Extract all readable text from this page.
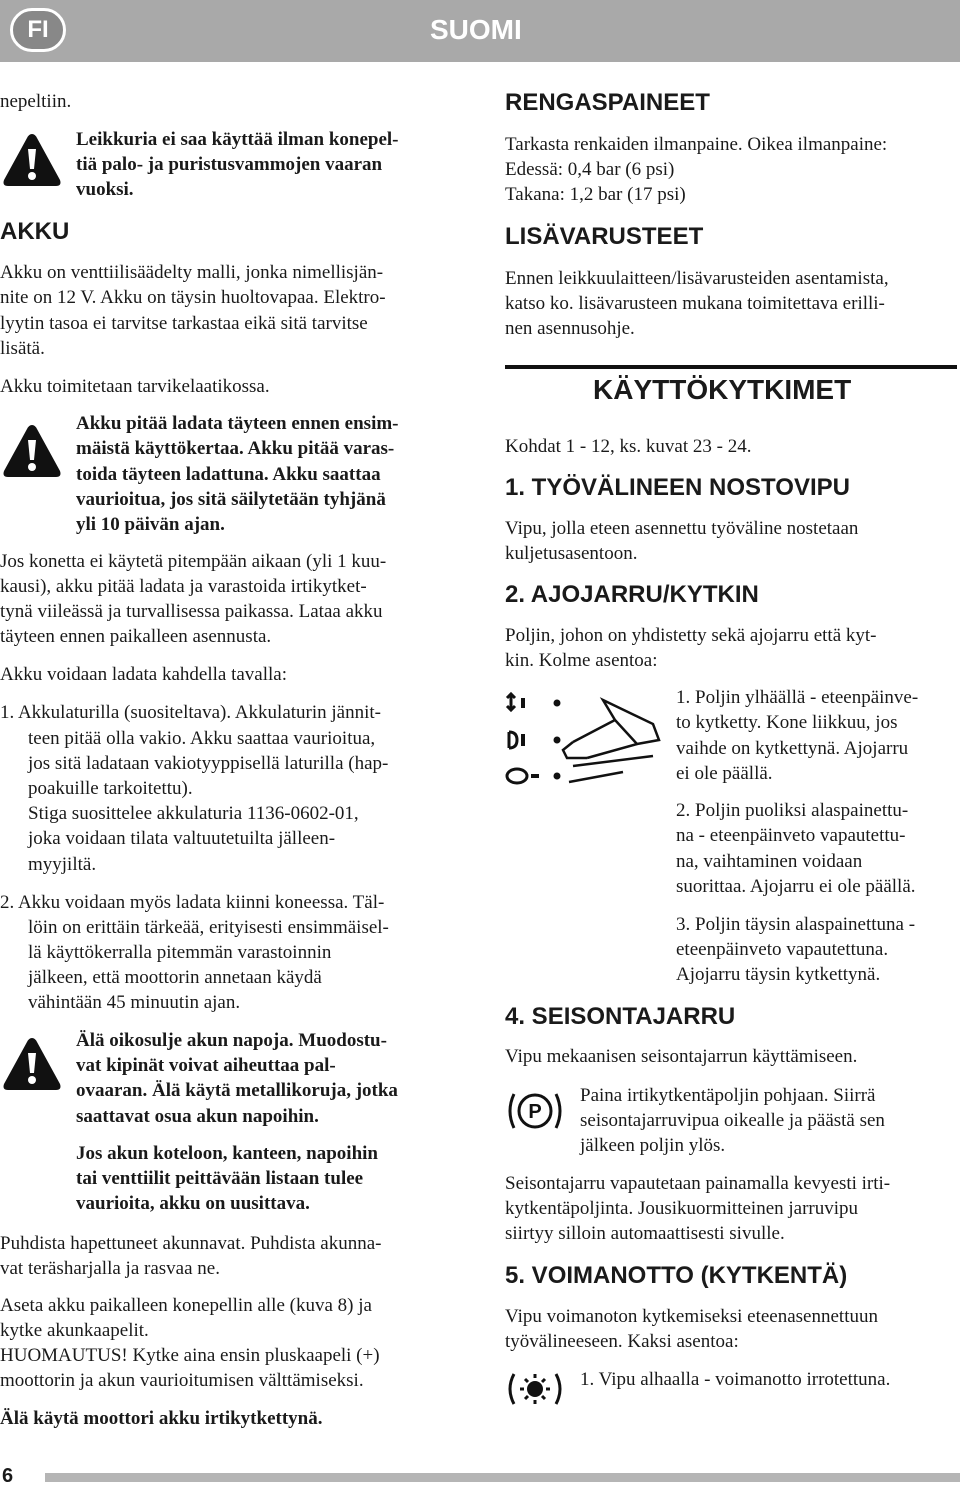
FI	SUOMI

nepeltiin.

Leikkuria ei saa käyttää ilman konepel-

tiä palo- ja puristusvammojen vaaran

vuoksi.

AKKU

Akku on venttiilisäädelty malli, jonka nimellisjän-

nite on 12 V. Akku on täysin huoltovapaa. Elektro-

lyytin tasoa ei tarvitse tarkastaa eikä sitä tarvitse

lisätä.

Akku toimitetaan tarvikelaatikossa.

Akku pitää ladata täyteen ennen ensim-

mäistä käyttökertaa. Akku pitää varas-

toida täyteen ladattuna. Akku saattaa

vaurioitua, jos sitä säilytetään tyhjänä

yli 10 päivän ajan.

Jos konetta ei käytetä pitempään aikaan (yli 1 kuu-

kausi), akku pitää ladata ja varastoida irtikytket-

tynä viileässä ja turvallisessa paikassa. Lataa akku

täyteen ennen paikalleen asennusta.

Akku voidaan ladata kahdella tavalla:

1. Akkulaturilla (suositeltava). Akkulaturin jännit-

teen pitää olla vakio. Akku saattaa vaurioitua,

jos sitä ladataan vakiotyyppisellä laturilla (hap-

poakuille tarkoitettu).

Stiga suosittelee akkulaturia 1136-0602-01,

joka voidaan tilata valtuutetuilta jälleen-

myyjiltä.

2. Akku voidaan myös ladata kiinni koneessa. Täl-

löin on erittäin tärkeää, erityisesti ensimmäisel-

lä käyttökerralla pitemmän varastoinnin

jälkeen, että moottorin annetaan käydä

vähintään 45 minuutin ajan.

Älä oikosulje akun napoja. Muodostu-

vat kipinät voivat aiheuttaa pal-

ovaaran. Älä käytä metallikoruja, jotka

saattavat osua akun napoihin.

Jos akun koteloon, kanteen, napoihin

tai venttiilit peittävään listaan tulee

vaurioita, akku on uusittava.

Puhdista hapettuneet akunnavat. Puhdista akunna-

vat teräsharjalla ja rasvaa ne.

Aseta akku paikalleen konepellin alle (kuva 8) ja

kytke akunkaapelit.

HUOMAUTUS! Kytke aina ensin pluskaapeli (+)

moottorin ja akun vaurioitumisen välttämiseksi.

Älä käytä moottori akku irtikytkettynä.

RENGASPAINEET

Tarkasta renkaiden ilmanpaine. Oikea ilmanpaine:

Edessä: 0,4 bar (6 psi)

Takana: 1,2 bar (17 psi)

LISÄVARUSTEET

Ennen leikkuulaitteen/lisävarusteiden asentamista,

katso ko. lisävarusteen mukana toimitettava erilli-

nen asennusohje.

KÄYTTÖKYTKIMET

Kohdat 1 - 12, ks. kuvat 23 - 24.

1. TYÖVÄLINEEN NOSTOVIPU

Vipu, jolla eteen asennettu työväline nostetaan

kuljetusasentoon.

2. AJOJARRU/KYTKIN

Poljin, johon on yhdistetty sekä ajojarru että kyt-

kin. Kolme asentoa:

1. Poljin ylhäällä - eteenpäinve-

to kytketty. Kone liikkuu, jos

vaihde on kytkettynä. Ajojarru

ei ole päällä.

2. Poljin puoliksi alaspainettu-

na - eteenpäinveto vapautettu-

na, vaihtaminen voidaan

suorittaa. Ajojarru ei ole päällä.

3. Poljin täysin alaspainettuna -

eteenpäinveto vapautettuna.

Ajojarru täysin kytkettynä.

4. SEISONTAJARRU

Vipu mekaanisen seisontajarrun käyttämiseen.

P

Paina irtikytkentäpoljin pohjaan. Siirrä

seisontajarruvipua oikealle ja päästä sen

jälkeen poljin ylös.

Seisontajarru vapautetaan painamalla kevyesti irti-

kytkentäpoljinta. Jousikuormitteinen jarruvipu

siirtyy silloin automaattisesti sivulle.

5. VOIMANOTTO (KYTKENTÄ)

Vipu voimanoton kytkemiseksi eteenasennettuun

työvälineeseen. Kaksi asentoa:

1. Vipu alhaalla - voimanotto irrotettuna.

6
